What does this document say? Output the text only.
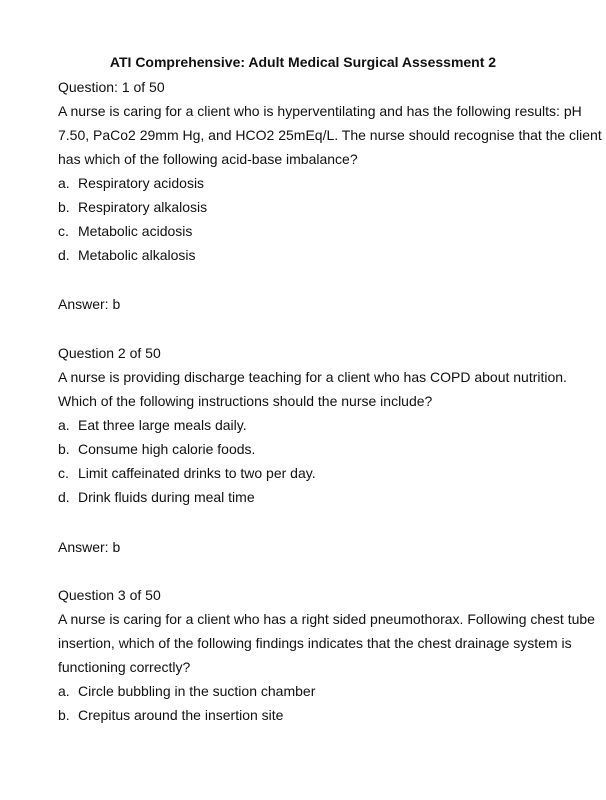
ATI Comprehensive: Adult Medical Surgical Assessment 2
Question: 1 of 50
A nurse is caring for a client who is hyperventilating and has the following results: pH
7.50, PaCo2 29mm Hg, and HCO2 25mEq/L. The nurse should recognise that the client
has which of the following acid-base imbalance?
a. Respiratory acidosis
b. Respiratory alkalosis
c. Metabolic acidosis
d. Metabolic alkalosis
Answer: b
Question 2 of 50
A nurse is providing discharge teaching for a client who has COPD about nutrition.
Which of the following instructions should the nurse include?
a. Eat three large meals daily.
b. Consume high calorie foods.
c. Limit caffeinated drinks to two per day.
d. Drink fluids during meal time
Answer: b
Question 3 of 50
A nurse is caring for a client who has a right sided pneumothorax. Following chest tube
insertion, which of the following findings indicates that the chest drainage system is
functioning correctly?
a. Circle bubbling in the suction chamber
b. Crepitus around the insertion site
